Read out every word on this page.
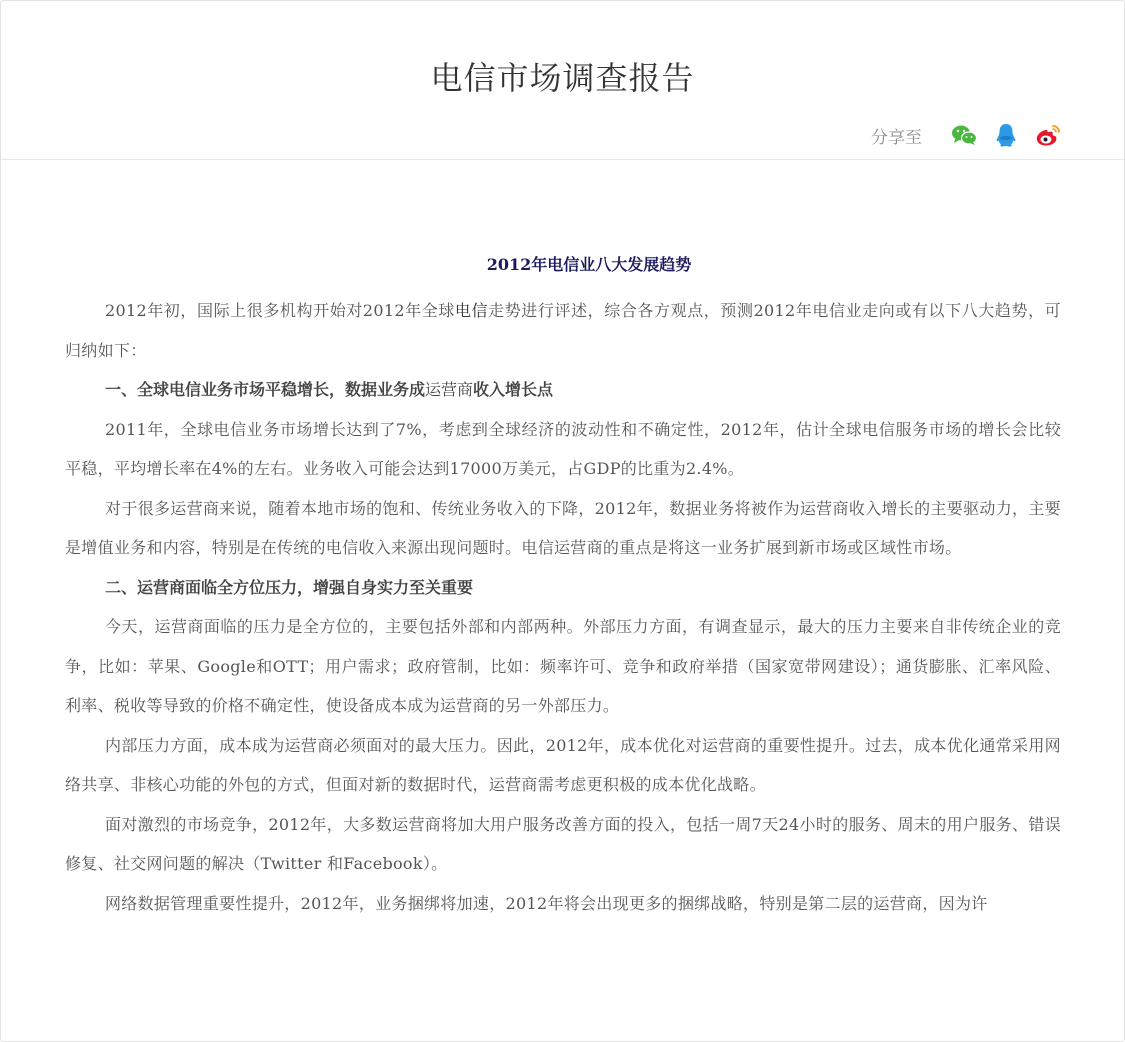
电信市场调查报告
分享至
2012年电信业八大发展趋势

2012年初，国际上很多机构开始对2012年全球电信走势进行评述，综合各方观点，预测2012年电信业走向或有以下八大趋势，可归纳如下：

一、全球电信业务市场平稳增长，数据业务成运营商收入增长点

2011年，全球电信业务市场增长达到了7%，考虑到全球经济的波动性和不确定性，2012年，估计全球电信服务市场的增长会比较平稳，平均增长率在4%的左右。业务收入可能会达到17000万美元，占GDP的比重为2.4%。

对于很多运营商来说，随着本地市场的饱和、传统业务收入的下降，2012年，数据业务将被作为运营商收入增长的主要驱动力，主要是增值业务和内容，特别是在传统的电信收入来源出现问题时。电信运营商的重点是将这一业务扩展到新市场或区域性市场。

二、运营商面临全方位压力，增强自身实力至关重要

今天，运营商面临的压力是全方位的，主要包括外部和内部两种。外部压力方面，有调查显示，最大的压力主要来自非传统企业的竞争，比如：苹果、Google和OTT；用户需求；政府管制，比如：频率许可、竞争和政府举措（国家宽带网建设）；通货膨胀、汇率风险、利率、税收等导致的价格不确定性，使设备成本成为运营商的另一外部压力。

内部压力方面，成本成为运营商必须面对的最大压力。因此，2012年，成本优化对运营商的重要性提升。过去，成本优化通常采用网络共享、非核心功能的外包的方式，但面对新的数据时代，运营商需考虑更积极的成本优化战略。

面对激烈的市场竞争，2012年，大多数运营商将加大用户服务改善方面的投入，包括一周7天24小时的服务、周末的用户服务、错误修复、社交网问题的解决（Twitter 和Facebook）。

网络数据管理重要性提升，2012年，业务捆绑将加速，2012年将会出现更多的捆绑战略，特别是第二层的运营商，因为许
